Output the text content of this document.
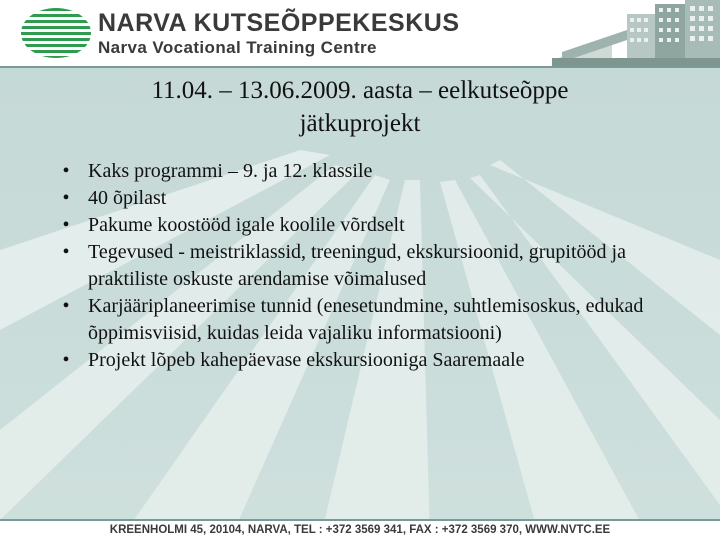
NARVA KUTSEÕPPEKESKUS
Narva Vocational Training Centre
11.04. – 13.06.2009. aasta – eelkutseõppe jätkuprojekt
• Kaks programmi – 9. ja 12. klassile
• 40 õpilast
• Pakume koostööd igale koolile võrdselt
• Tegevused - meistriklassid, treeningud, ekskursioonid, grupitööd ja praktiliste oskuste arendamise võimalused
• Karjääriplaneerimise tunnid (enesetundmine, suhtlemisoskus, edukad õppimisviisid, kuidas leida vajaliku informatsiooni)
• Projekt lõpeb kahepäevase ekskursiooniga Saaremaale
KREENHOLMI 45, 20104, NARVA, TEL : +372 3569 341, FAX : +372 3569 370, WWW.NVTC.EE
